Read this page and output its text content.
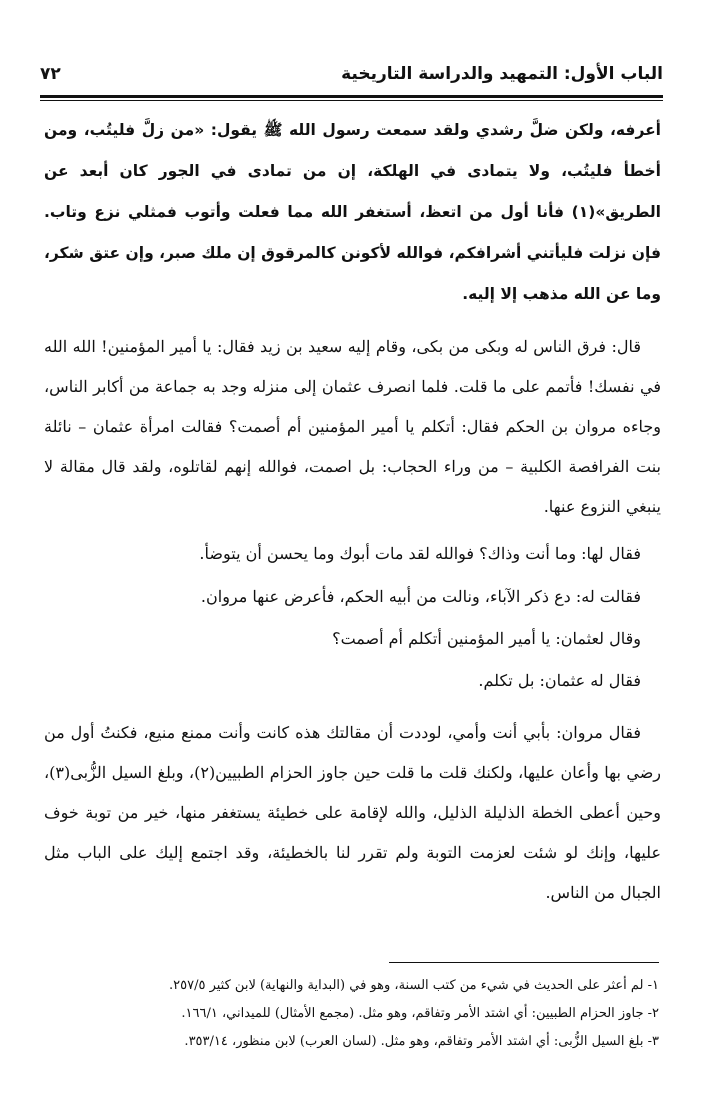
الباب الأول: التمهيد والدراسة التاريخية
٧٢

أعرفه، ولكن ضلَّ رشدي ولقد سمعت رسول الله ﷺ يقول: «من زلَّ فليتُب، ومن أخطأ فليتُب، ولا يتمادى في الهلكة، إن من تمادى في الجور كان أبعد عن الطريق»(١) فأنا أول من اتعظ، أستغفر الله مما فعلت وأتوب فمثلي نزع وتاب. فإن نزلت فليأتني أشرافكم، فوالله لأكونن كالمرقوق إن ملك صبر، وإن عتق شكر، وما عن الله مذهب إلا إليه.

قال: فرق الناس له وبكى من بكى، وقام إليه سعيد بن زيد فقال: يا أمير المؤمنين! الله الله في نفسك! فأتمم على ما قلت. فلما انصرف عثمان إلى منزله وجد به جماعة من أكابر الناس، وجاءه مروان بن الحكم فقال: أتكلم يا أمير المؤمنين أم أصمت؟ فقالت امرأة عثمان – نائلة بنت الفرافصة الكلبية – من وراء الحجاب: بل اصمت، فوالله إنهم لقاتلوه، ولقد قال مقالة لا ينبغي النزوع عنها.

فقال لها: وما أنت وذاك؟ فوالله لقد مات أبوك وما يحسن أن يتوضأ.

فقالت له: دع ذكر الآباء، ونالت من أبيه الحكم، فأعرض عنها مروان.

وقال لعثمان: يا أمير المؤمنين أتكلم أم أصمت؟

فقال له عثمان: بل تكلم.

فقال مروان: بأبي أنت وأمي، لوددت أن مقالتك هذه كانت وأنت ممنع منيع، فكنتُ أول من رضي بها وأعان عليها، ولكنك قلت ما قلت حين جاوز الحزام الطبيين(٢)، وبلغ السيل الزُّبى(٣)، وحين أعطى الخطة الذليلة الذليل، والله لإقامة على خطيئة يستغفر منها، خير من توبة خوف عليها، وإنك لو شئت لعزمت التوبة ولم تقرر لنا بالخطيئة، وقد اجتمع إليك على الباب مثل الجبال من الناس.

١- لم أعثر على الحديث في شيء من كتب السنة، وهو في (البداية والنهاية) لابن كثير ٢٥٧/٥.
٢- جاوز الحزام الطبيين: أي اشتد الأمر وتفاقم، وهو مثل. (مجمع الأمثال) للميداني، ١٦٦/١.
٣- بلغ السيل الزُّبى: أي اشتد الأمر وتفاقم، وهو مثل. (لسان العرب) لابن منظور، ٣٥٣/١٤.
